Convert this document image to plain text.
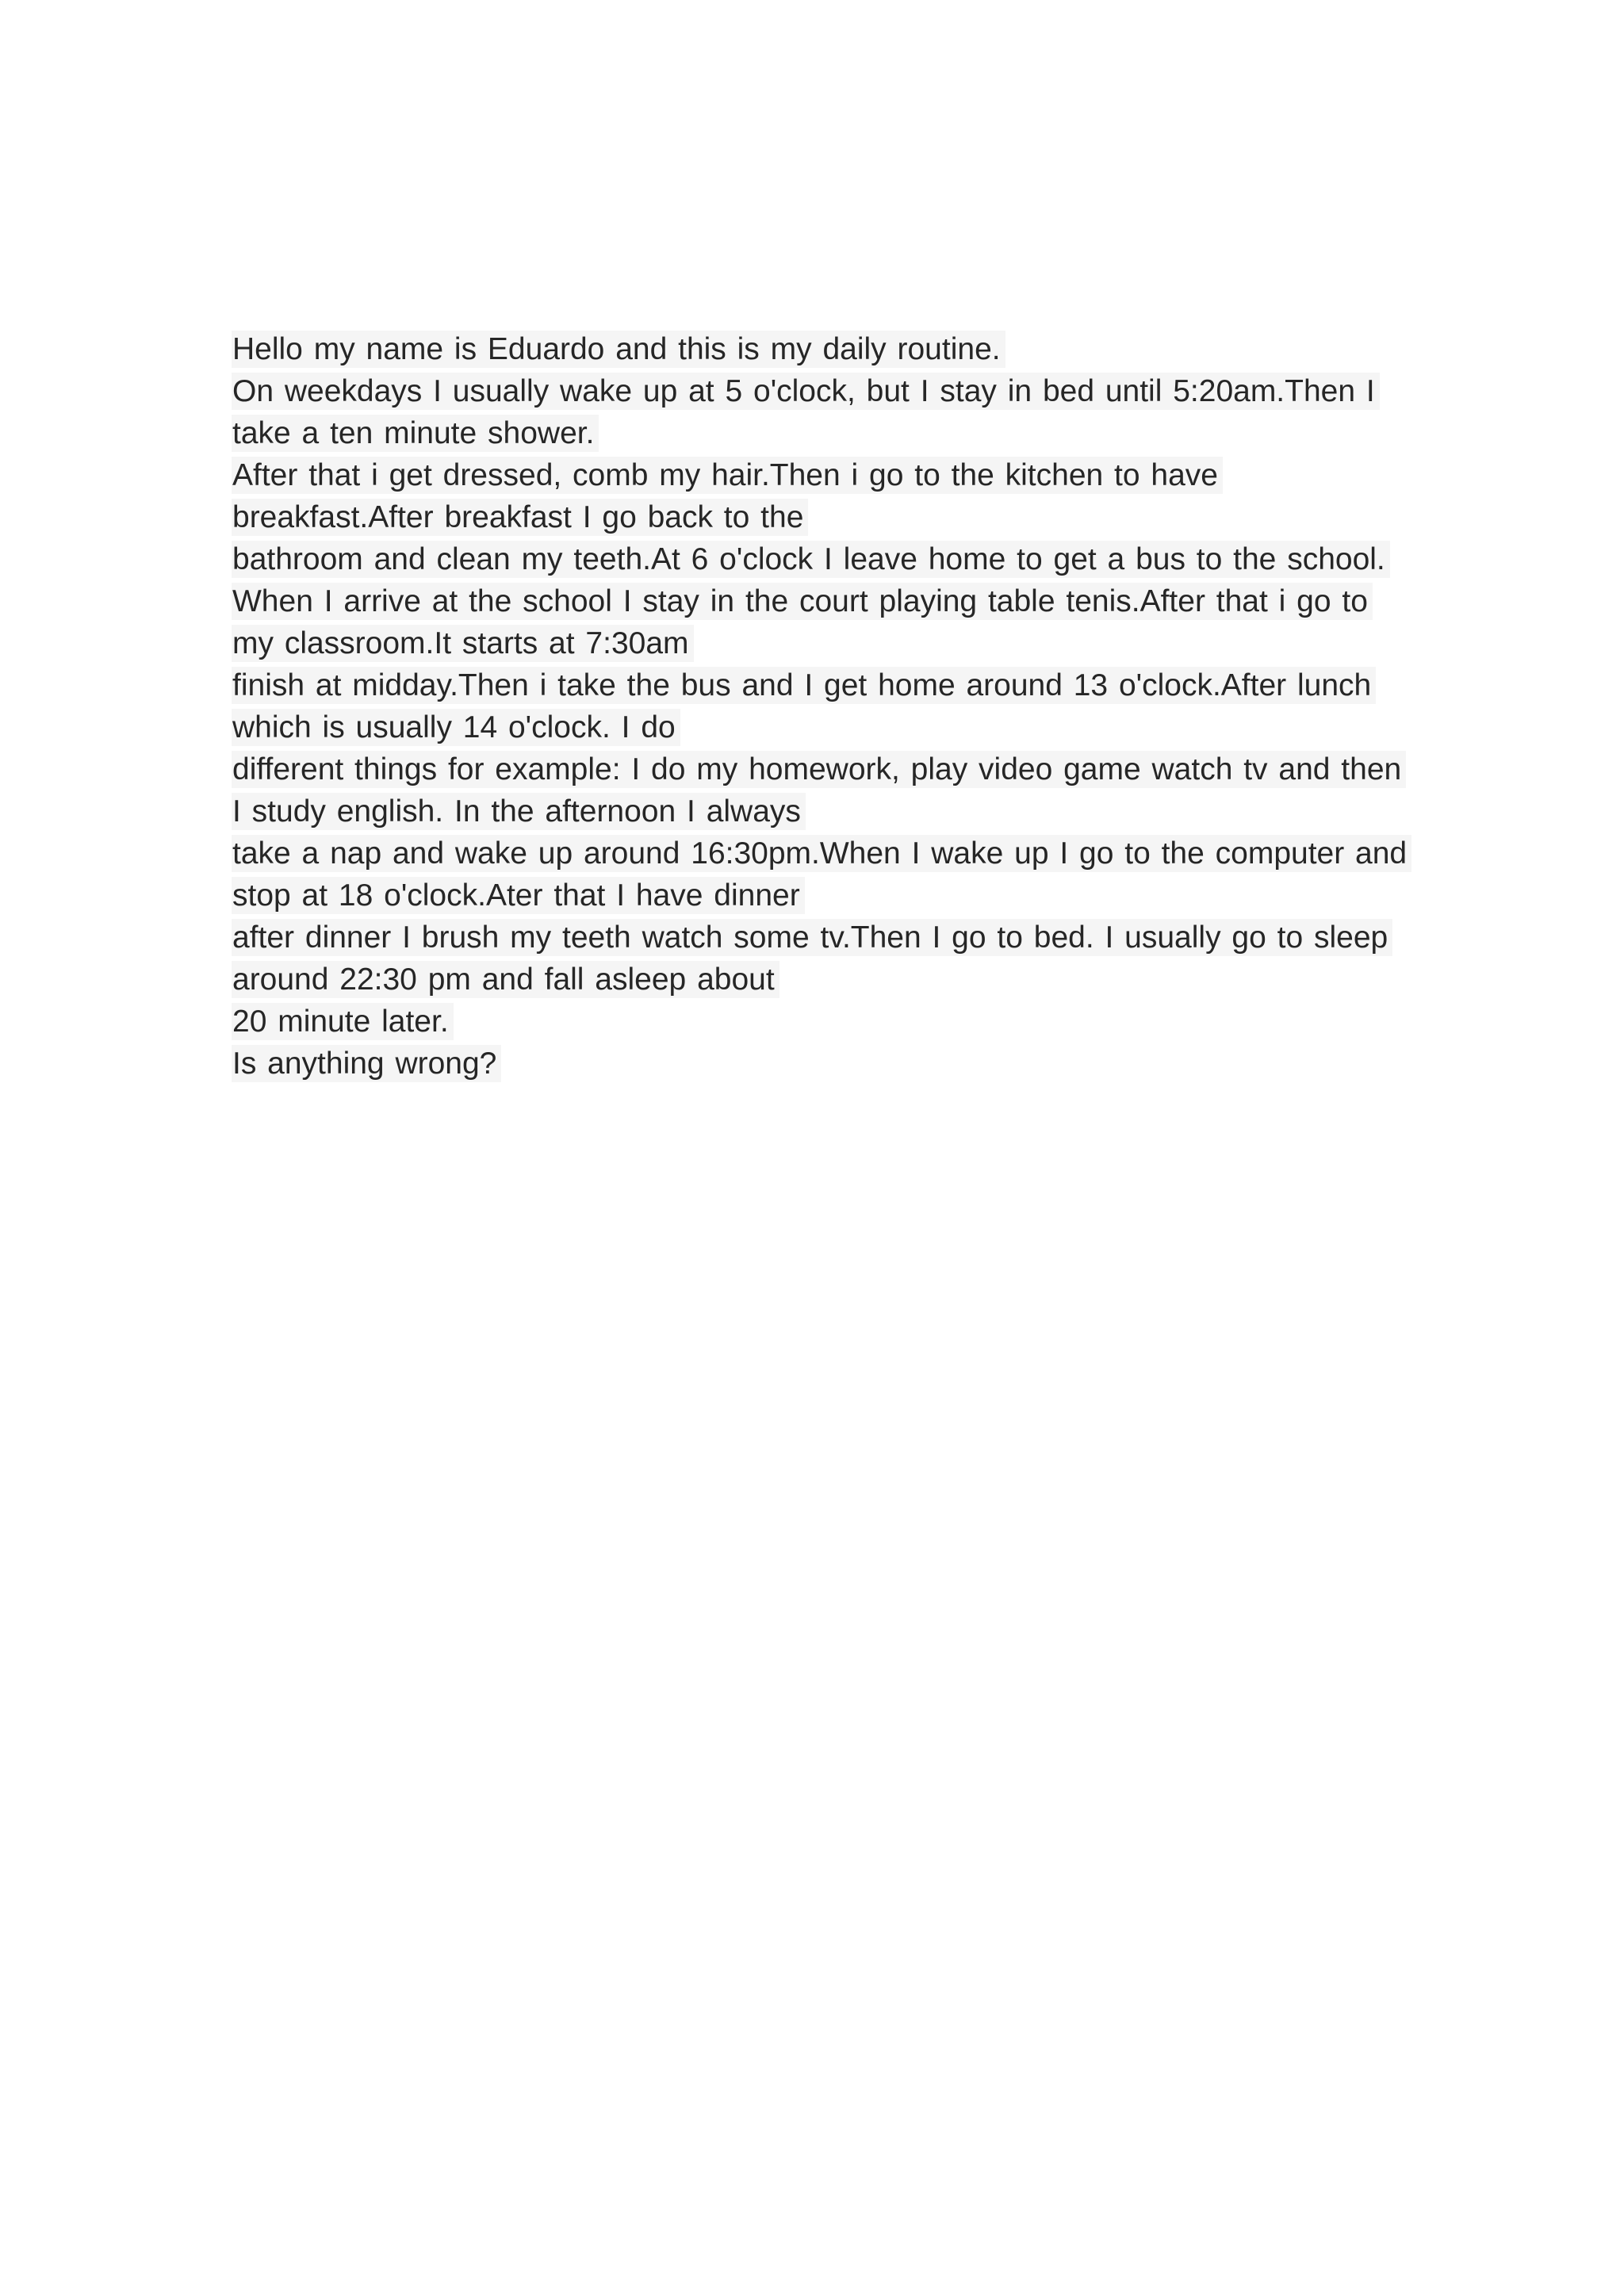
Hello my name is Eduardo and this is my daily routine.
On weekdays I usually wake up at 5 o'clock, but I stay in bed until 5:20am.Then I
take a ten minute shower.
After that i get dressed, comb my hair.Then i go to the kitchen to have
breakfast.After breakfast I go back to the
bathroom and clean my teeth.At 6 o'clock I leave home to get a bus to the school.
When I arrive at the school I stay in the court playing table tenis.After that i go to
my classroom.It starts at 7:30am
finish at midday.Then i take the bus and I get home around 13 o'clock.After lunch
which is usually 14 o'clock. I do
different things for example: I do my homework, play video game watch tv and then
I study english. In the afternoon I always
take a nap and wake up around 16:30pm.When I wake up I go to the computer and
stop at 18 o'clock.Ater that I have dinner
after dinner I brush my teeth watch some tv.Then I go to bed. I usually go to sleep
around 22:30 pm and fall asleep about
20 minute later.
Is anything wrong?
